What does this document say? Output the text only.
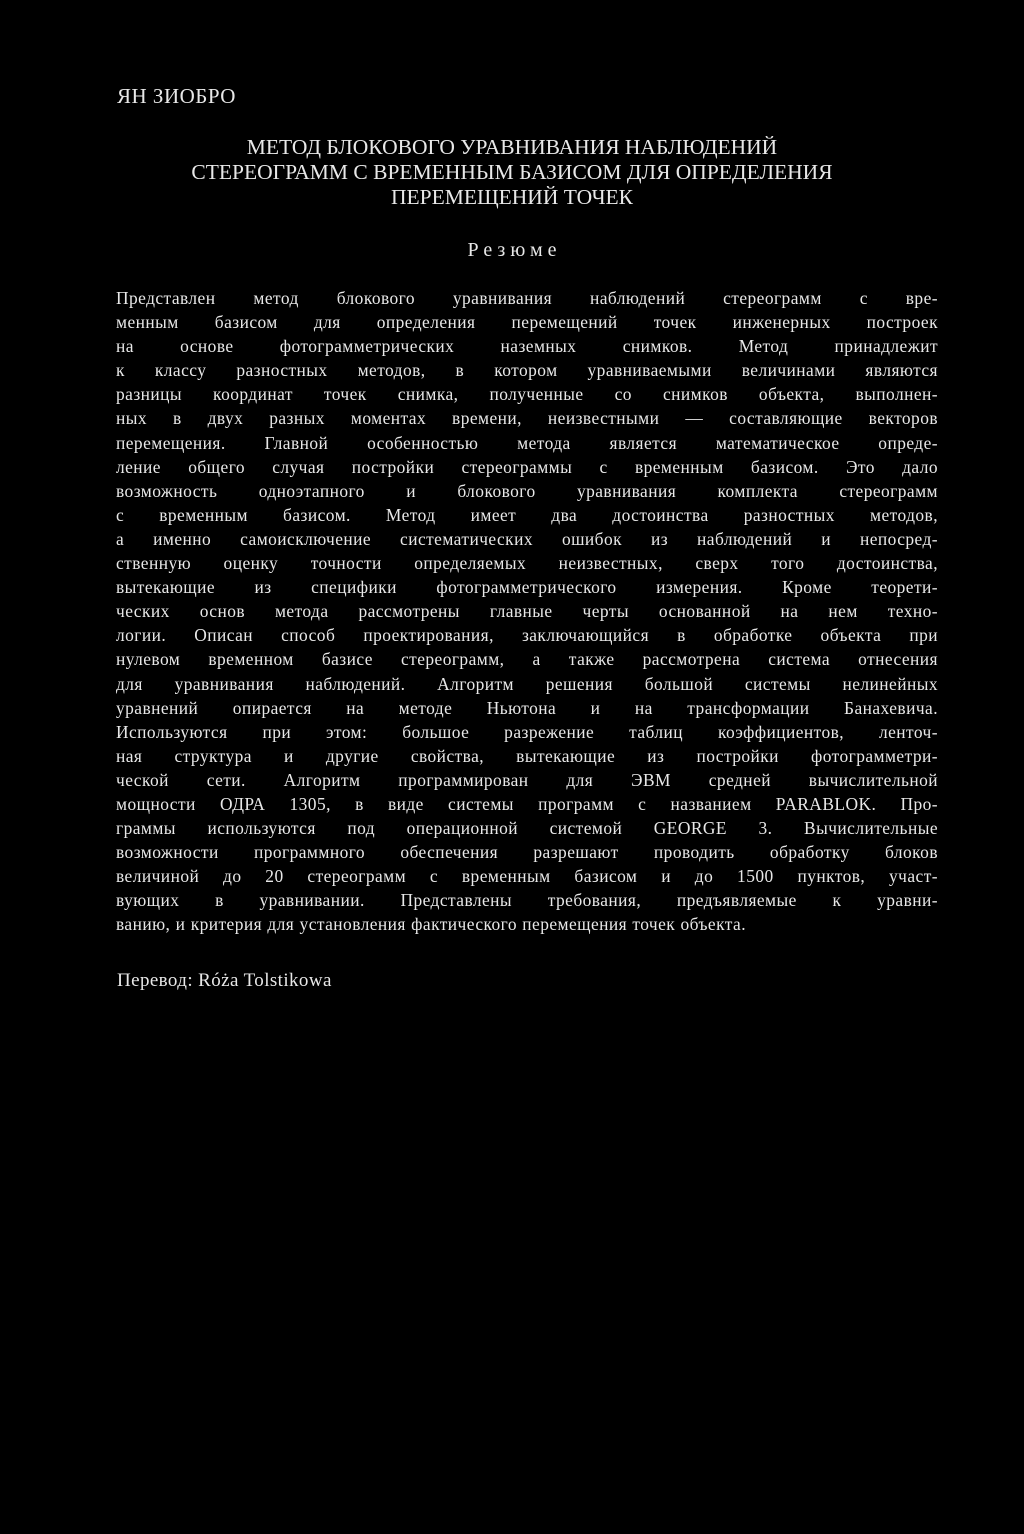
ЯН ЗИОБРО
МЕТОД БЛОКОВОГО УРАВНИВАНИЯ НАБЛЮДЕНИЙ
СТЕРЕОГРАММ С ВРЕМЕННЫМ БАЗИСОМ ДЛЯ ОПРЕДЕЛЕНИЯ
ПЕРЕМЕЩЕНИЙ ТОЧЕК
Резюме
Представлен метод блокового уравнивания наблюдений стереограмм с вре-
менным базисом для определения перемещений точек инженерных построек
на основе фотограмметрических наземных снимков. Метод принадлежит
к классу разностных методов, в котором уравниваемыми величинами являются
разницы координат точек снимка, полученные со снимков объекта, выполнен-
ных в двух разных моментах времени, неизвестными — составляющие векторов
перемещения. Главной особенностью метода является математическое опреде-
ление общего случая постройки стереограммы с временным базисом. Это дало
возможность одноэтапного и блокового уравнивания комплекта стереограмм
с временным базисом. Метод имеет два достоинства разностных методов,
а именно самоисключение систематических ошибок из наблюдений и непосред-
ственную оценку точности определяемых неизвестных, сверх того достоинства,
вытекающие из специфики фотограмметрического измерения. Кроме теорети-
ческих основ метода рассмотрены главные черты основанной на нем техно-
логии. Описан способ проектирования, заключающийся в обработке объекта при
нулевом временном базисе стереограмм, а также рассмотрена система отнесения
для уравнивания наблюдений. Алгоритм решения большой системы нелинейных
уравнений опирается на методе Ньютона и на трансформации Банахевича.
Используются при этом: большое разрежение таблиц коэффициентов, ленточ-
ная структура и другие свойства, вытекающие из постройки фотограмметри-
ческой сети. Алгоритм программирован для ЭВМ средней вычислительной
мощности ОДРА 1305, в виде системы программ с названием PARABLOK. Про-
граммы используются под операционной системой GEORGE 3. Вычислительные
возможности программного обеспечения разрешают проводить обработку блоков
величиной до 20 стереограмм с временным базисом и до 1500 пунктов, участ-
вующих в уравнивании. Представлены требования, предъявляемые к уравни-
ванию, и критерия для установления фактического перемещения точек объекта.
Перевод: Róża Tolstikowa
